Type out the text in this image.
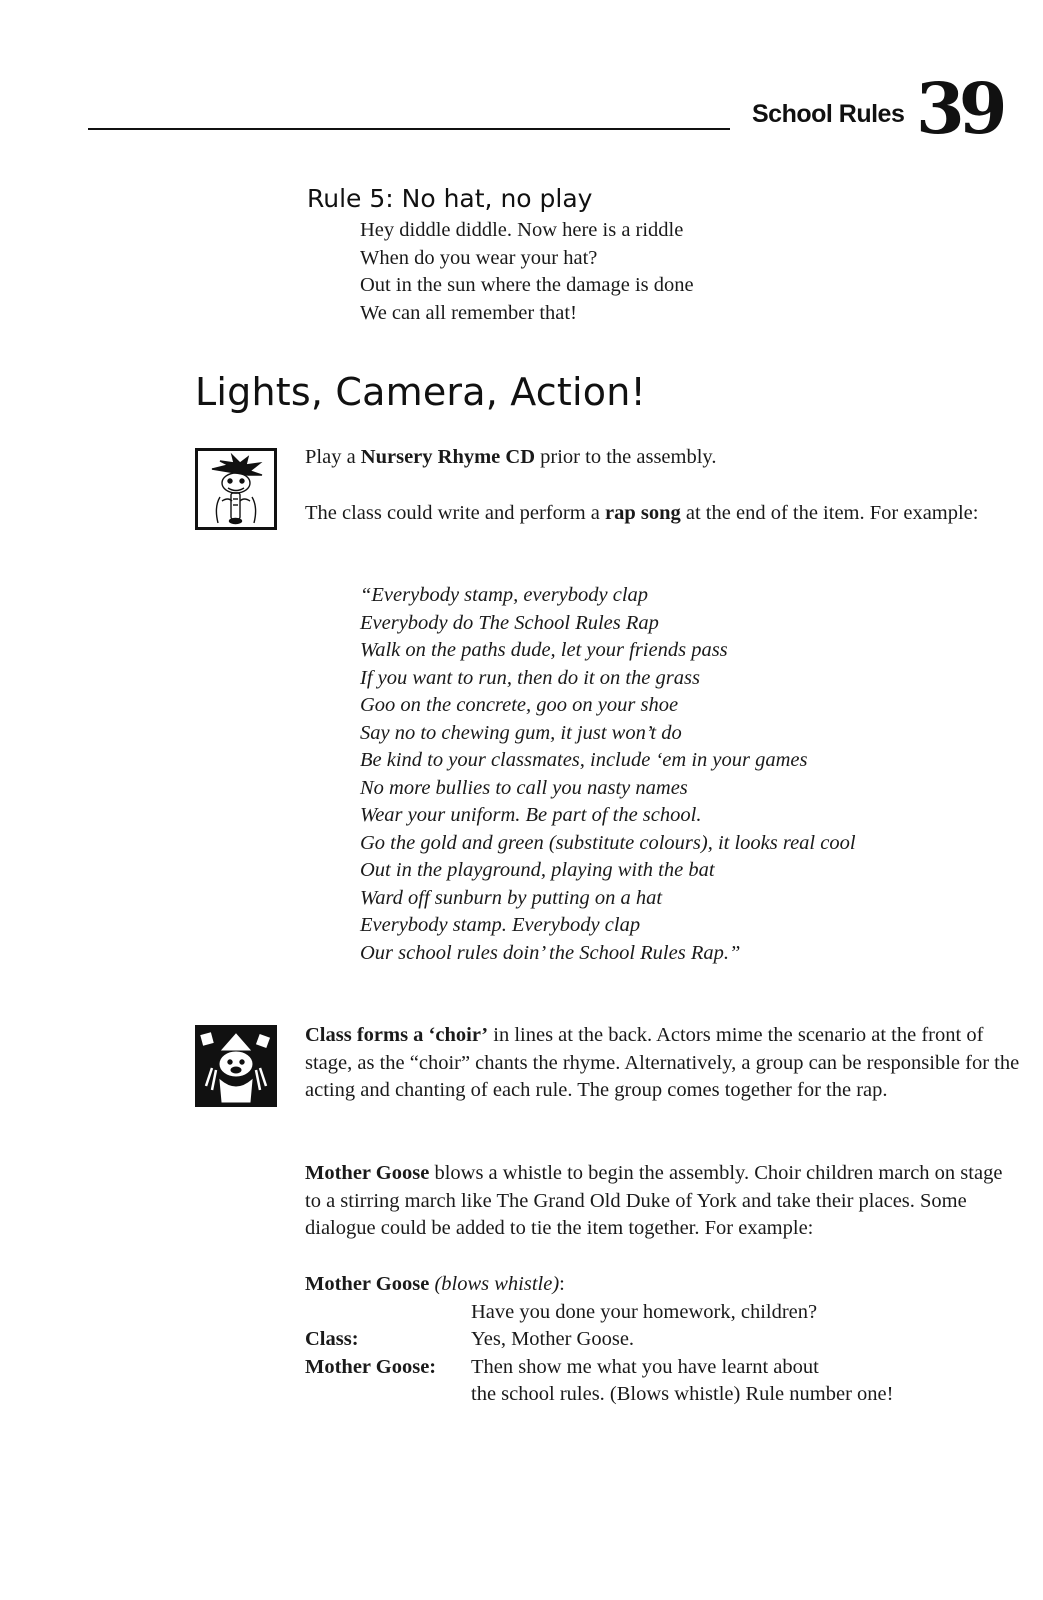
School Rules 39
Rule 5: No hat, no play
Hey diddle diddle. Now here is a riddle
When do you wear your hat?
Out in the sun where the damage is done
We can all remember that!
Lights, Camera, Action!
Play a Nursery Rhyme CD prior to the assembly.
The class could write and perform a rap song at the end of the item. For example:
“Everybody stamp, everybody clap
Everybody do The School Rules Rap
Walk on the paths dude, let your friends pass
If you want to run, then do it on the grass
Goo on the concrete, goo on your shoe
Say no to chewing gum, it just won’t do
Be kind to your classmates, include ‘em in your games
No more bullies to call you nasty names
Wear your uniform. Be part of the school.
Go the gold and green (substitute colours), it looks real cool
Out in the playground, playing with the bat
Ward off sunburn by putting on a hat
Everybody stamp. Everybody clap
Our school rules doin’ the School Rules Rap.”
Class forms a ‘choir’ in lines at the back. Actors mime the scenario at the front of stage, as the “choir” chants the rhyme. Alternatively, a group can be responsible for the acting and chanting of each rule. The group comes together for the rap.
Mother Goose blows a whistle to begin the assembly. Choir children march on stage to a stirring march like The Grand Old Duke of York and take their places. Some dialogue could be added to tie the item together. For example:
Mother Goose (blows whistle):
Have you done your homework, children?
Class:	Yes, Mother Goose.
Mother Goose: Then show me what you have learnt about
the school rules. (Blows whistle) Rule number one!
